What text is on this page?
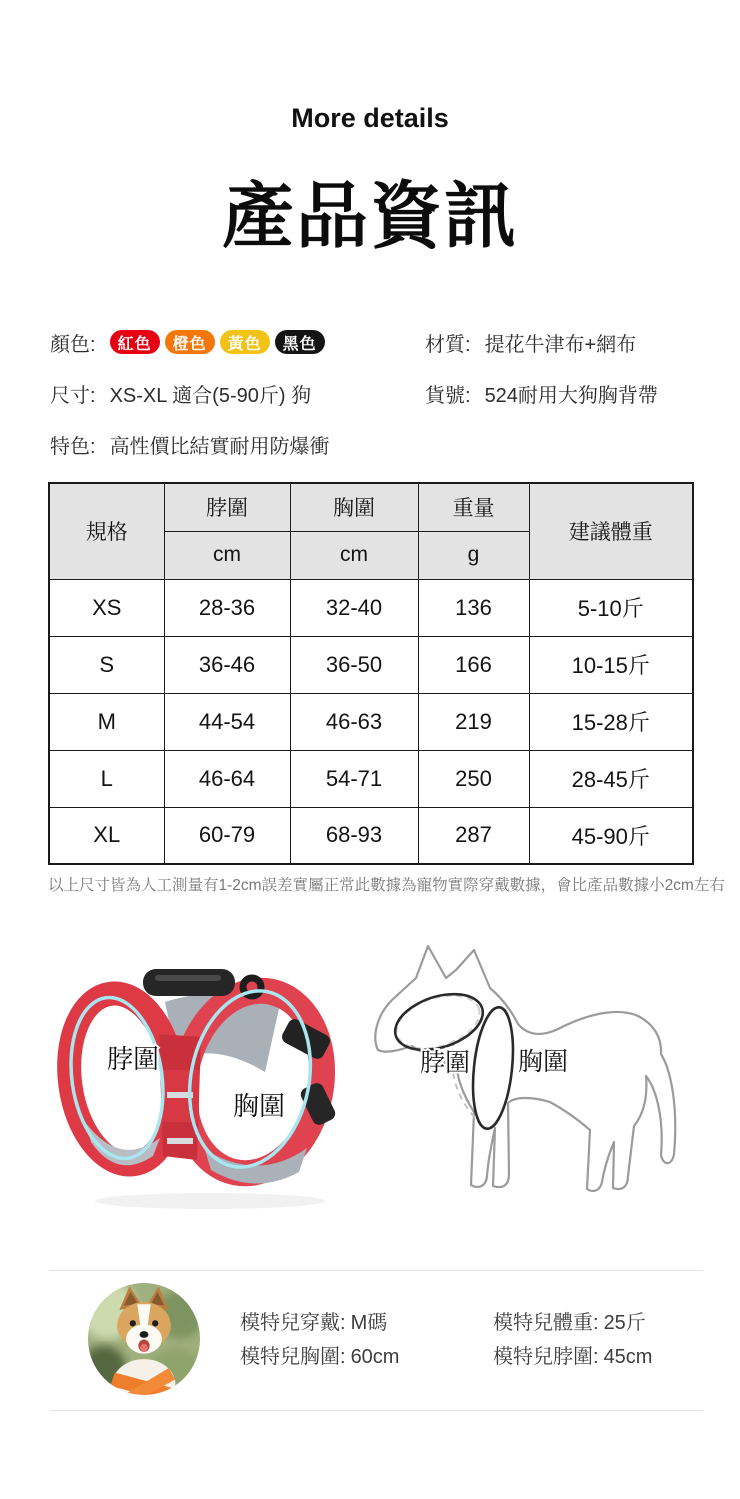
More details
產品資訊
顏色:	紅色	橙色	黃色	黑色	材質: 提花牛津布+網布
尺寸: XS-XL 適合(5-90斤) 狗	貨號: 524耐用大狗胸背帶
特色: 高性價比結實耐用防爆衝
規格	脖圍	胸圍	重量	建議體重
	cm	cm	g	
XS	28-36	32-40	136	5-10斤
S	36-46	36-50	166	10-15斤
M	44-54	46-63	219	15-28斤
L	46-64	54-71	250	28-45斤
XL	60-79	68-93	287	45-90斤
以上尺寸皆為人工測量有1-2cm誤差實屬正常此數據為寵物實際穿戴數據，會比產品數據小2cm左右
脖圍
胸圍
脖圍 胸圍
模特兒穿戴: M碼
模特兒胸圍: 60cm
模特兒體重: 25斤
模特兒脖圍: 45cm
